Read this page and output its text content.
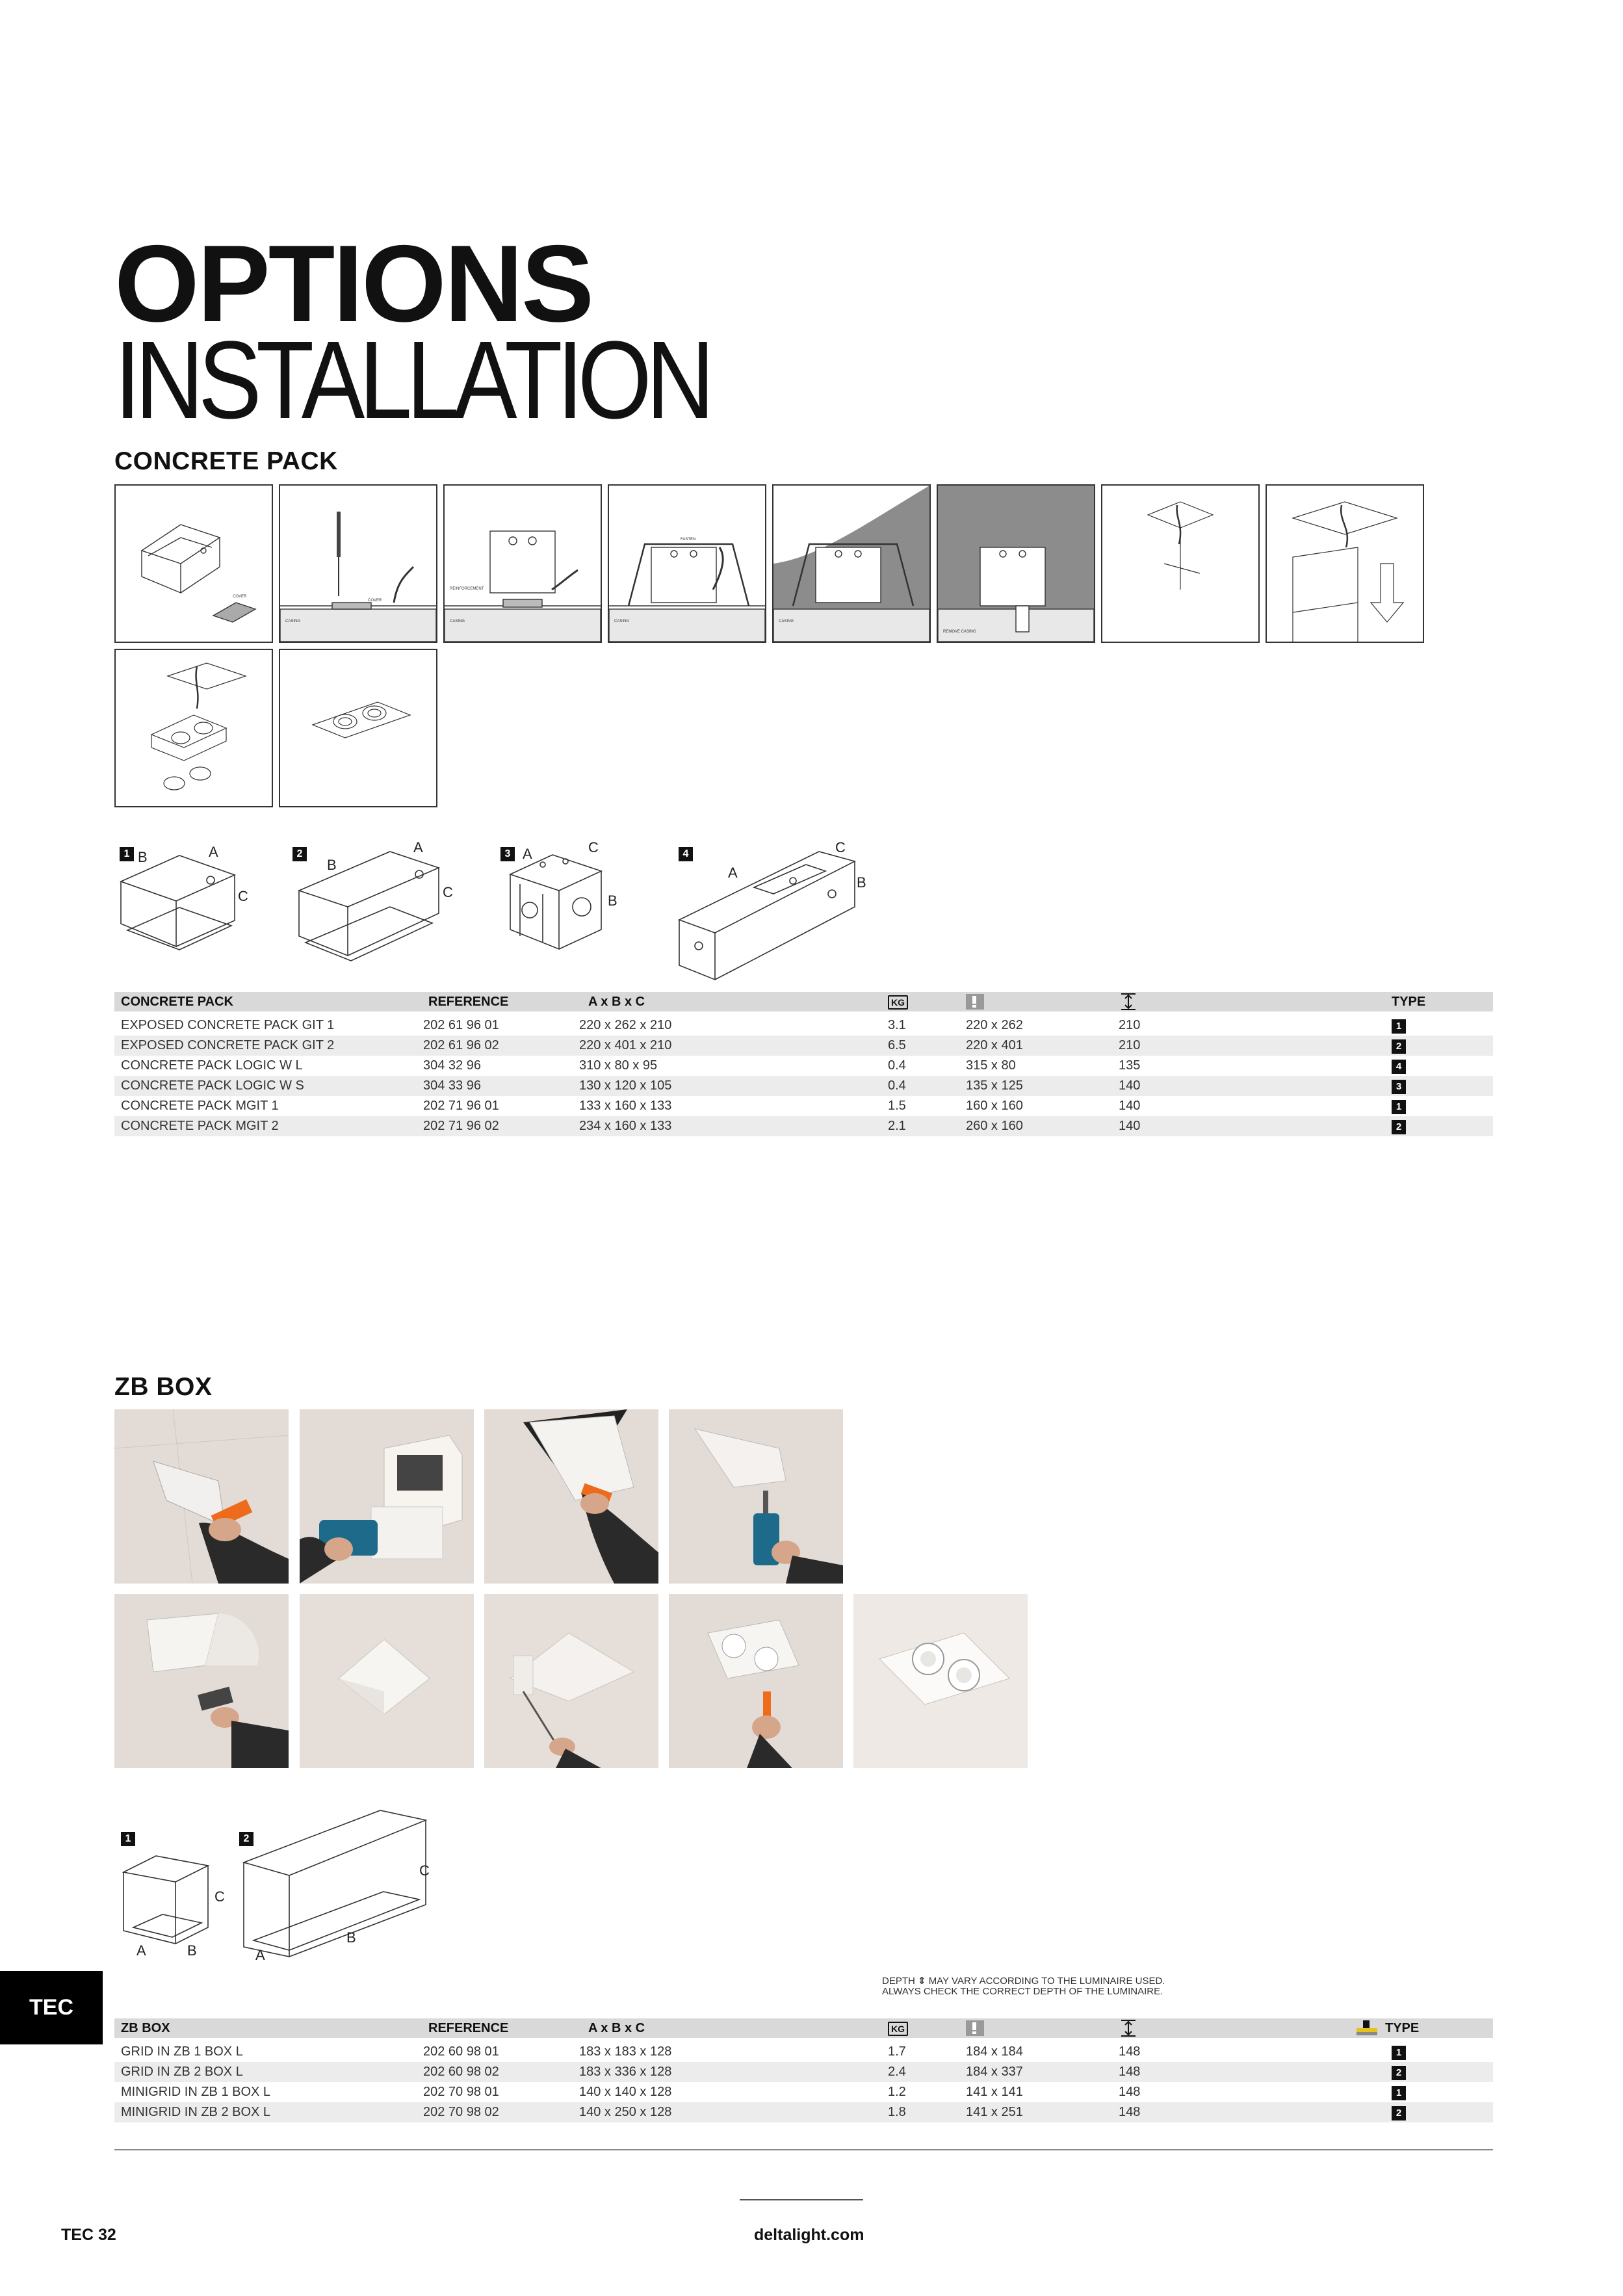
OPTIONS
INSTALLATION
CONCRETE PACK
COVER
COVER
CASING
REINFORCEMENT
CASING
FASTEN
CASING	CASING
REMOVE CASING
1 B	A
C
2
B
A
C
3 A	C
B
4
A
C
B
CONCRETE PACK	REFERENCE	A x B x C	KG			TYPE

EXPOSED CONCRETE PACK GIT 1	202 61 96 01	220 x 262 x 210	3.1	220 x 262	210	1
EXPOSED CONCRETE PACK GIT 2	202 61 96 02	220 x 401 x 210	6.5	220 x 401	210	2
CONCRETE PACK LOGIC W L	304 32 96	310 x 80 x 95	0.4	315 x 80	135	4
CONCRETE PACK LOGIC W S	304 33 96	130 x 120 x 105	0.4	135 x 125	140	3
CONCRETE PACK MGIT 1	202 71 96 01	133 x 160 x 133	1.5	160 x 160	140	1
CONCRETE PACK MGIT 2	202 71 96 02	234 x 160 x 133	2.1	260 x 160	140	2
ZB BOX
1
A	B
C
2
A
B
C
DEPTH ⇕ MAY VARY ACCORDING TO THE LUMINAIRE USED.
ALWAYS CHECK THE CORRECT DEPTH OF THE LUMINAIRE.
ZB BOX	REFERENCE	A x B x C	KG				TYPE

GRID IN ZB 1 BOX L	202 60 98 01	183 x 183 x 128	1.7	184 x 184	148		1
GRID IN ZB 2 BOX L	202 60 98 02	183 x 336 x 128	2.4	184 x 337	148		2
MINIGRID IN ZB 1 BOX L	202 70 98 01	140 x 140 x 128	1.2	141 x 141	148		1
MINIGRID IN ZB 2 BOX L	202 70 98 02	140 x 250 x 128	1.8	141 x 251	148		2
TEC
TEC 32	deltalight.com
